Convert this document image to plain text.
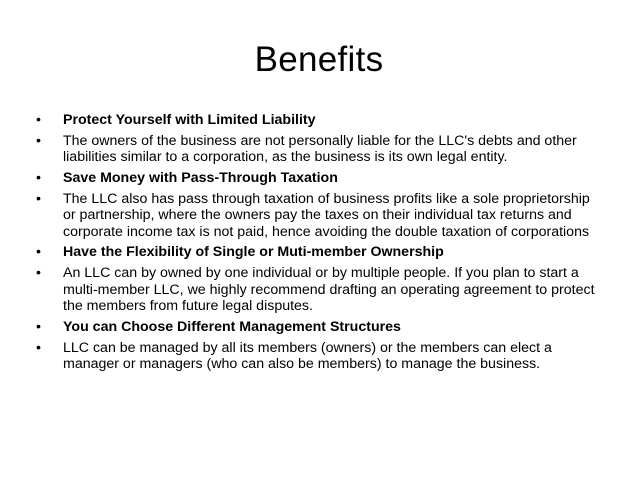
Benefits
• Protect Yourself with Limited Liability
• The owners of the business are not personally liable for the LLC's debts and other liabilities similar to a corporation, as the business is its own legal entity.
• Save Money with Pass-Through Taxation
• The LLC also has pass through taxation of business profits like a sole proprietorship or partnership, where the owners pay the taxes on their individual tax returns and corporate income tax is not paid, hence avoiding the double taxation of corporations
• Have the Flexibility of Single or Muti-member Ownership
• An LLC can by owned by one individual or by multiple people. If you plan to start a multi-member LLC, we highly recommend drafting an operating agreement to protect the members from future legal disputes.
• You can Choose Different Management Structures
• LLC can be managed by all its members (owners) or the members can elect a manager or managers (who can also be members) to manage the business.
